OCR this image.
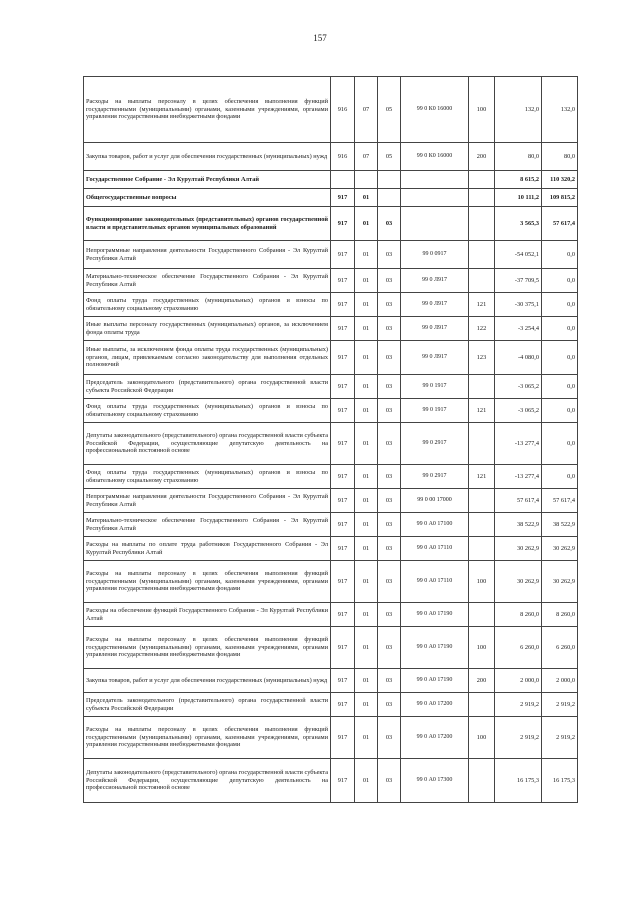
157
Расходы на выплаты персоналу в целях обеспечения выполнения функций государственными (муниципальными) органами, казенными учреждениями, органами управления государственными внебюджетными фондами	916	07	05	99 0 К0 16000	100	132,0	132,0
Закупка товаров, работ и услуг для обеспечения государственных (муниципальных) нужд	916	07	05	99 0 К0 16000	200	80,0	80,0
Государственное Собрание - Эл Курултай Республики Алтай						8 615,2	110 320,2
Общегосударственные вопросы	917	01				10 111,2	109 815,2
Функционирование законодательных (представительных) органов государственной власти и представительных органов муниципальных образований	917	01	03			3 565,3	57 617,4
Непрограммные направления деятельности Государственного Собрания - Эл Курултай Республики Алтай	917	01	03	99 0 0917		-54 052,1	0,0
Материально-техническое обеспечение Государственного Собрания - Эл Курултай Республики Алтай	917	01	03	99 0 Л917		-37 709,5	0,0
Фонд оплаты труда государственных (муниципальных) органов и взносы по обязательному социальному страхованию	917	01	03	99 0 Л917	121	-30 375,1	0,0
Иные выплаты персоналу государственных (муниципальных) органов, за исключением фонда оплаты труда	917	01	03	99 0 Л917	122	-3 254,4	0,0
Иные выплаты, за исключением фонда оплаты труда государственных (муниципальных) органов, лицам, привлекаемым согласно законодательству для выполнения отдельных полномочий	917	01	03	99 0 Л917	123	-4 080,0	0,0
Председатель законодательного (представительного) органа государственной власти субъекта Российской Федерации	917	01	03	99 0 1917		-3 065,2	0,0
Фонд оплаты труда государственных (муниципальных) органов и взносы по обязательному социальному страхованию	917	01	03	99 0 1917	121	-3 065,2	0,0
Депутаты законодательного (представительного) органа государственной власти субъекта Российской Федерации, осуществляющие депутатскую деятельность на профессиональной постоянной основе	917	01	03	99 0 2917		-13 277,4	0,0
Фонд оплаты труда государственных (муниципальных) органов и взносы по обязательному социальному страхованию	917	01	03	99 0 2917	121	-13 277,4	0,0
Непрограммные направления деятельности Государственного Собрания - Эл Курултай Республики Алтай	917	01	03	99 0 00 17000		57 617,4	57 617,4
Материально-техническое обеспечение Государственного Собрания - Эл Курултай Республики Алтай	917	01	03	99 0 А0 17100		38 522,9	38 522,9
Расходы на выплаты по оплате труда работников Государственного Собрания - Эл Курултай Республики Алтай	917	01	03	99 0 А0 17110		30 262,9	30 262,9
Расходы на выплаты персоналу в целях обеспечения выполнения функций государственными (муниципальными) органами, казенными учреждениями, органами управления государственными внебюджетными фондами	917	01	03	99 0 А0 17110	100	30 262,9	30 262,9
Расходы на обеспечение функций Государственного Собрания - Эл Курултай Республики Алтай	917	01	03	99 0 А0 17190		8 260,0	8 260,0
Расходы на выплаты персоналу в целях обеспечения выполнения функций государственными (муниципальными) органами, казенными учреждениями, органами управления государственными внебюджетными фондами	917	01	03	99 0 А0 17190	100	6 260,0	6 260,0
Закупка товаров, работ и услуг для обеспечения государственных (муниципальных) нужд	917	01	03	99 0 А0 17190	200	2 000,0	2 000,0
Председатель законодательного (представительного) органа государственной власти субъекта Российской Федерации	917	01	03	99 0 А0 17200		2 919,2	2 919,2
Расходы на выплаты персоналу в целях обеспечения выполнения функций государственными (муниципальными) органами, казенными учреждениями, органами управления государственными внебюджетными фондами	917	01	03	99 0 А0 17200	100	2 919,2	2 919,2
Депутаты законодательного (представительного) органа государственной власти субъекта Российской Федерации, осуществляющие депутатскую деятельность на профессиональной постоянной основе	917	01	03	99 0 А0 17300		16 175,3	16 175,3
